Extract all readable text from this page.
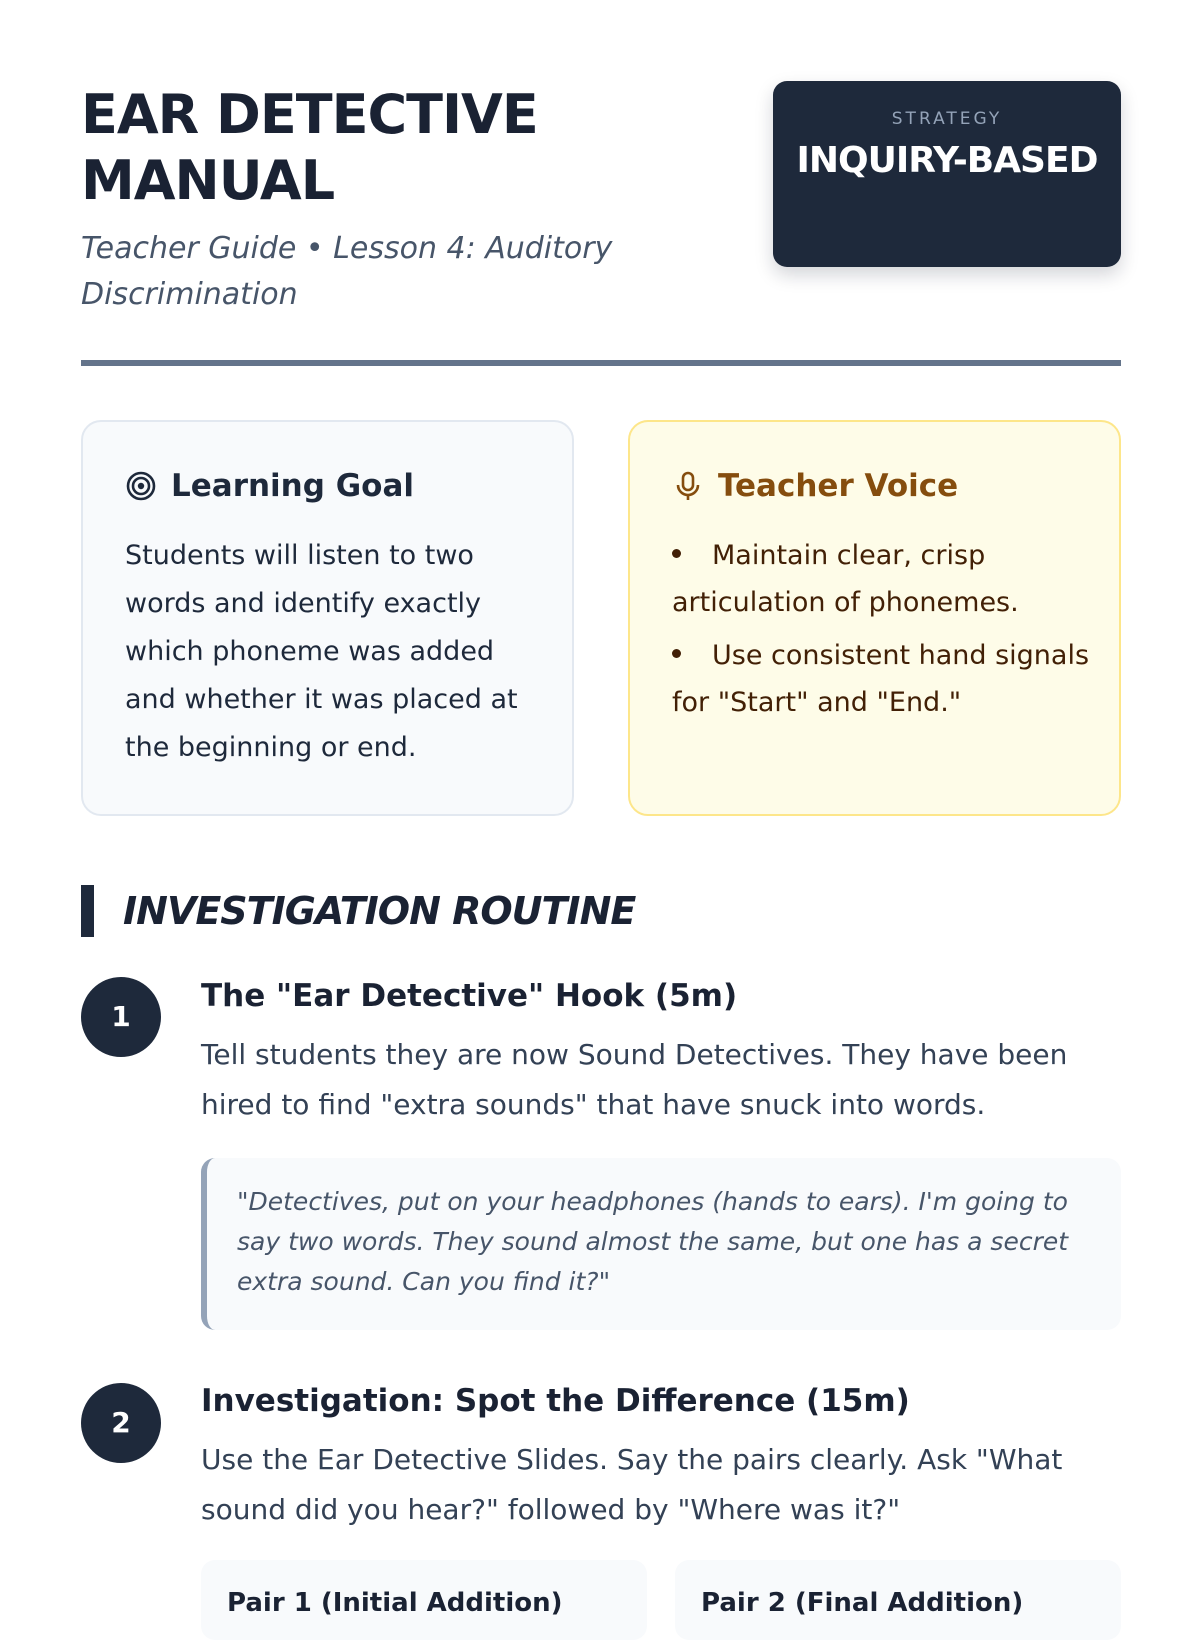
EAR DETECTIVE MANUAL
Teacher Guide • Lesson 4: Auditory Discrimination
STRATEGY
INQUIRY-BASED
Learning Goal

Students will listen to two words and identify exactly which phoneme was added and whether it was placed at the beginning or end.

Teacher Voice
Maintain clear, crisp articulation of phonemes.
Use consistent hand signals for "Start" and "End."
INVESTIGATION ROUTINE
1
The "Ear Detective" Hook (5m)

Tell students they are now Sound Detectives. They have been hired to find "extra sounds" that have snuck into words.

"Detectives, put on your headphones (hands to ears). I'm going to say two words. They sound almost the same, but one has a secret extra sound. Can you find it?"
2
Investigation: Spot the Difference (15m)

Use the Ear Detective Slides. Say the pairs clearly. Ask "What sound did you hear?" followed by "Where was it?"

Pair 1 (Initial Addition)	Pair 2 (Final Addition)
